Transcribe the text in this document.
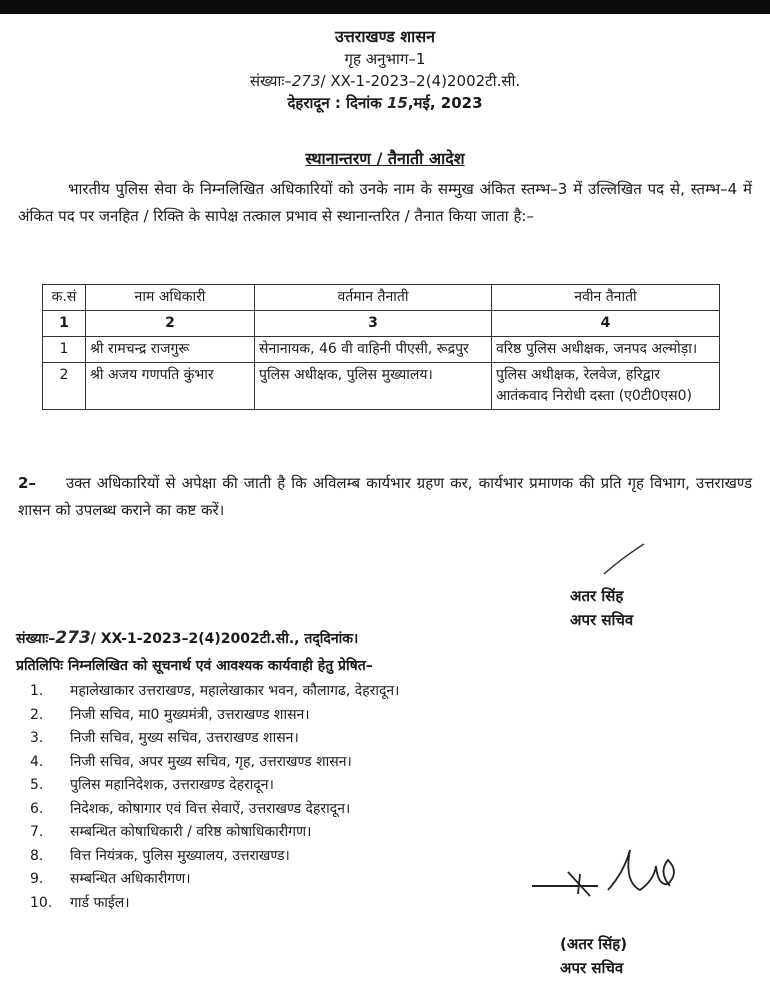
उत्तराखण्ड शासन
गृह अनुभाग–1
संख्याः–273/ XX-1-2023–2(4)2002टी.सी.
देहरादून : दिनांक 15,मई, 2023
स्थानान्तरण / तैनाती आदेश
भारतीय पुलिस सेवा के निम्नलिखित अधिकारियों को उनके नाम के सम्मुख अंकित स्तम्भ–3 में उल्लिखित पद से, स्तम्भ–4 में अंकित पद पर जनहित / रिक्ति के सापेक्ष तत्काल प्रभाव से स्थानान्तरित / तैनात किया जाता है:–
क.सं	नाम अधिकारी	वर्तमान तैनाती	नवीन तैनाती
1	2	3	4
1	श्री रामचन्द्र राजगुरू	सेनानायक, 46 वी वाहिनी पीएसी, रूद्रपुर	वरिष्ठ पुलिस अधीक्षक, जनपद अल्मोड़ा।
2	श्री अजय गणपति कुंभार	पुलिस अधीक्षक, पुलिस मुख्यालय।	पुलिस अधीक्षक, रेलवेज, हरिद्वार आतंकवाद निरोधी दस्ता (ए0टी0एस0)
2– उक्त अधिकारियों से अपेक्षा की जाती है कि अविलम्ब कार्यभार ग्रहण कर, कार्यभार प्रमाणक की प्रति गृह विभाग, उत्तराखण्ड शासन को उपलब्ध कराने का कष्ट करें।
अतर सिंह
अपर सचिव
संख्याः–273/ XX-1-2023–2(4)2002टी.सी., तद्‌दिनांक।
प्रतिलिपिः निम्नलिखित को सूचनार्थ एवं आवश्यक कार्यवाही हेतु प्रेषित–
1.	महालेखाकार उत्तराखण्ड, महालेखाकार भवन, कौलागढ, देहरादून।
2.	निजी सचिव, मा0 मुख्यमंत्री, उत्तराखण्ड शासन।
3.	निजी सचिव, मुख्य सचिव, उत्तराखण्ड शासन।
4.	निजी सचिव, अपर मुख्य सचिव, गृह, उत्तराखण्ड शासन।
5.	पुलिस महानिदेशक, उत्तराखण्ड देहरादून।
6.	निदेशक, कोषागार एवं वित्त सेवाऐं, उत्तराखण्ड देहरादून।
7.	सम्बन्धित कोषाधिकारी / वरिष्ठ कोषाधिकारीगण।
8.	वित्त नियंत्रक, पुलिस मुख्यालय, उत्तराखण्ड।
9.	सम्बन्धित अधिकारीगण।
10.	गार्ड फाईल।
(अतर सिंह)
अपर सचिव
